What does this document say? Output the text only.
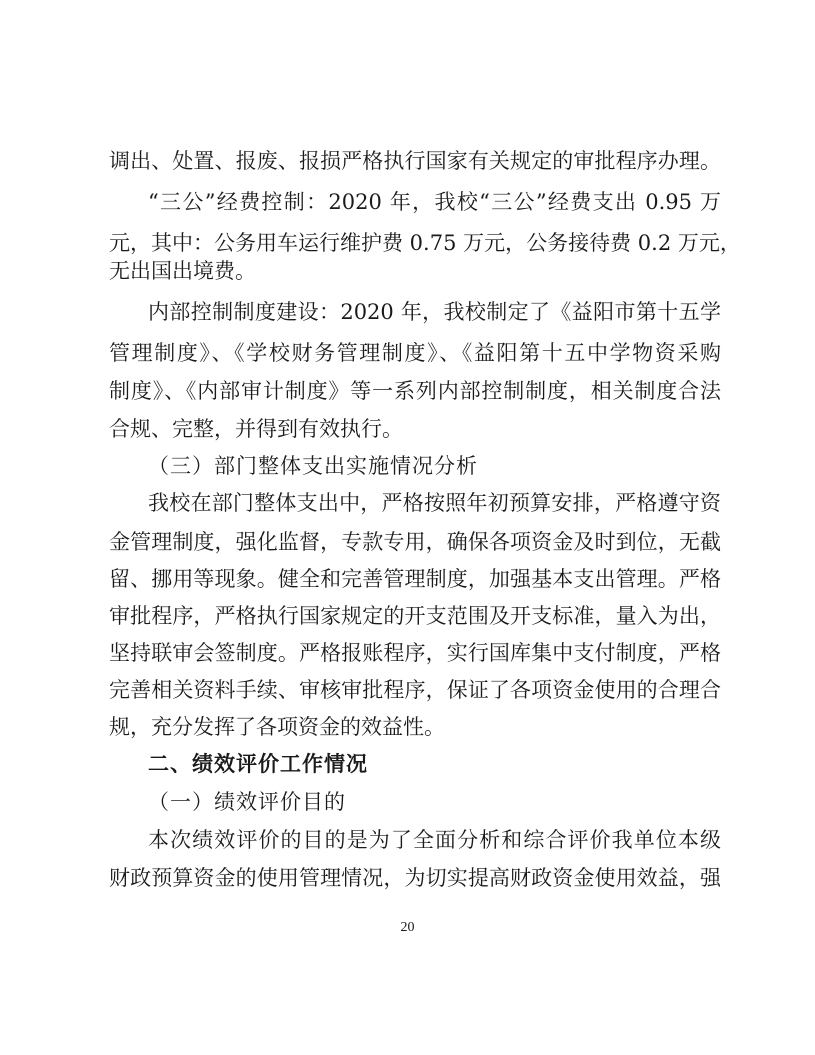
调出、处置、报废、报损严格执行国家有关规定的审批程序办理。
“三公”经费控制：2020 年，我校“三公”经费支出 0.95 万
元，其中：公务用车运行维护费 0.75 万元，公务接待费 0.2 万元，
无出国出境费。
内部控制制度建设：2020 年，我校制定了《益阳市第十五学
管理制度》、《学校财务管理制度》、《益阳第十五中学物资采购
制度》、《内部审计制度》等一系列内部控制制度，相关制度合法
合规、完整，并得到有效执行。
（三）部门整体支出实施情况分析
我校在部门整体支出中，严格按照年初预算安排，严格遵守资
金管理制度，强化监督，专款专用，确保各项资金及时到位，无截
留、挪用等现象。健全和完善管理制度，加强基本支出管理。严格
审批程序，严格执行国家规定的开支范围及开支标准，量入为出，
坚持联审会签制度。严格报账程序，实行国库集中支付制度，严格
完善相关资料手续、审核审批程序，保证了各项资金使用的合理合
规，充分发挥了各项资金的效益性。
二、绩效评价工作情况
（一）绩效评价目的
本次绩效评价的目的是为了全面分析和综合评价我单位本级
财政预算资金的使用管理情况，为切实提高财政资金使用效益，强
20
